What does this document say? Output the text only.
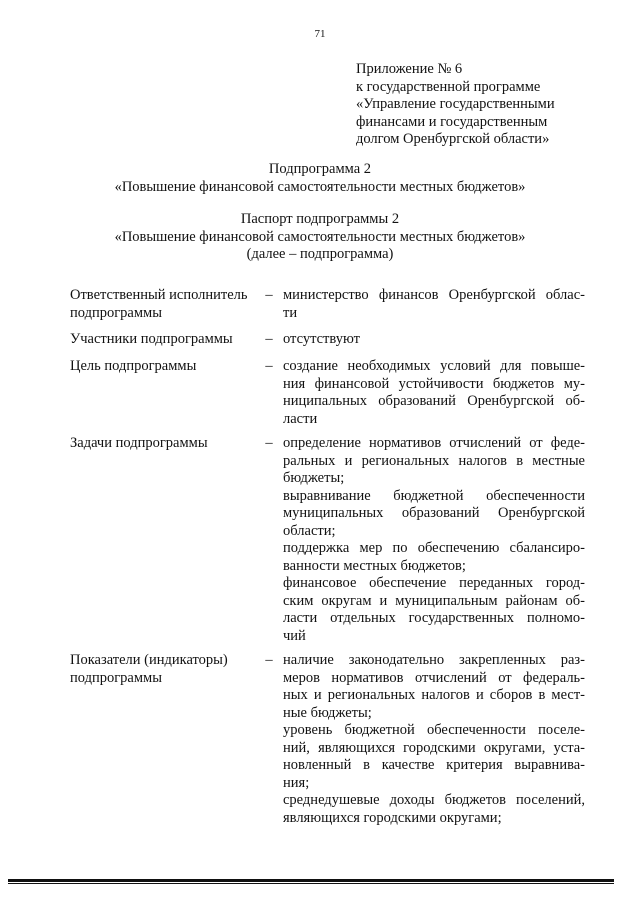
71
Приложение № 6
к государственной программе
«Управление государственными
финансами и государственным
долгом Оренбургской области»
Подпрограмма 2
«Повышение финансовой самостоятельности местных бюджетов»
Паспорт подпрограммы 2
«Повышение финансовой самостоятельности местных бюджетов»
(далее – подпрограмма)
Ответственный исполнитель
подпрограммы
– министерство финансов Оренбургской облас-
ти
Участники подпрограммы	– отсутствуют
Цель подпрограммы	– создание необходимых условий для повыше-
ния финансовой устойчивости бюджетов му-
ниципальных образований Оренбургской об-
ласти
Задачи подпрограммы	– определение нормативов отчислений от феде-
ральных и региональных налогов в местные
бюджеты;
выравнивание бюджетной обеспеченности
муниципальных образований Оренбургской
области;
поддержка мер по обеспечению сбалансиро-
ванности местных бюджетов;
финансовое обеспечение переданных город-
ским округам и муниципальным районам об-
ласти отдельных государственных полномо-
чий
Показатели (индикаторы)
подпрограммы
– наличие законодательно закрепленных раз-
меров нормативов отчислений от федераль-
ных и региональных налогов и сборов в мест-
ные бюджеты;
уровень бюджетной обеспеченности поселе-
ний, являющихся городскими округами, уста-
новленный в качестве критерия выравнива-
ния;
среднедушевые доходы бюджетов поселений,
являющихся городскими округами;
